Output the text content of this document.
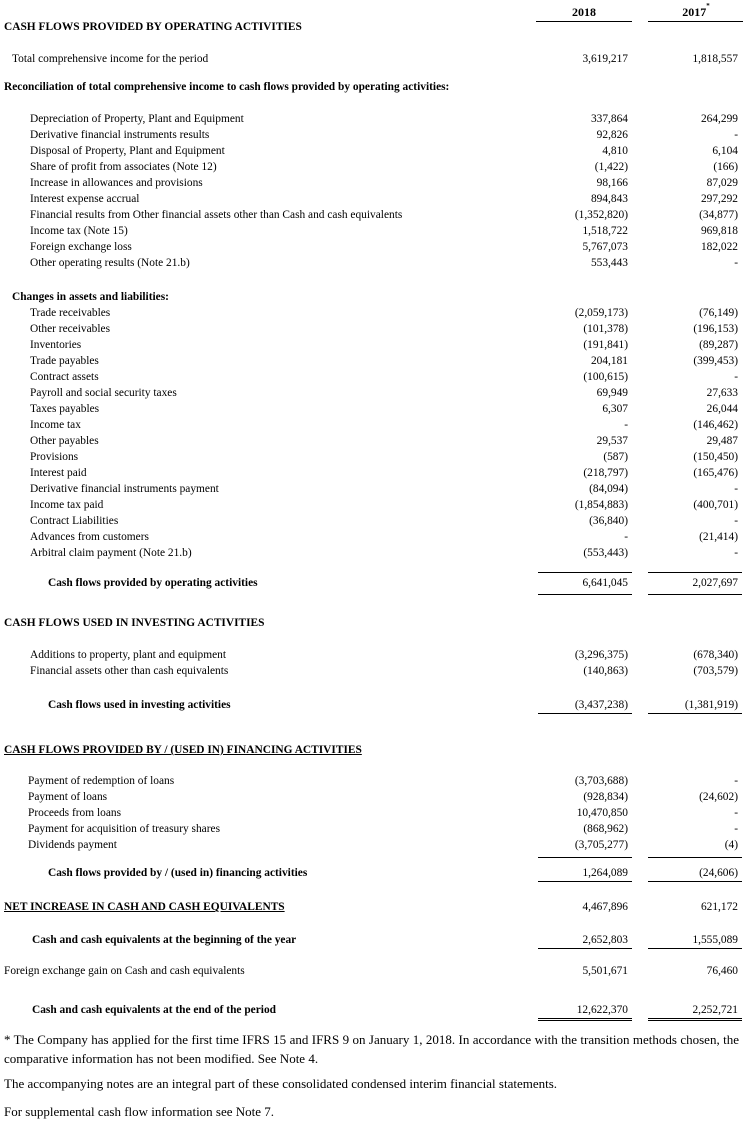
2018	2017*
CASH FLOWS PROVIDED BY OPERATING ACTIVITIES
Total comprehensive income for the period	3,619,217	1,818,557
Reconciliation of total comprehensive income to cash flows provided by operating activities:
Depreciation of Property, Plant and Equipment	337,864	264,299
Derivative financial instruments results	92,826	-
Disposal of Property, Plant and Equipment	4,810	6,104
Share of profit from associates (Note 12)	(1,422)	(166)
Increase in allowances and provisions	98,166	87,029
Interest expense accrual	894,843	297,292
Financial results from Other financial assets other than Cash and cash equivalents	(1,352,820)	(34,877)
Income tax (Note 15)	1,518,722	969,818
Foreign exchange loss	5,767,073	182,022
Other operating results (Note 21.b)	553,443	-
Changes in assets and liabilities:
Trade receivables	(2,059,173)	(76,149)
Other receivables	(101,378)	(196,153)
Inventories	(191,841)	(89,287)
Trade payables	204,181	(399,453)
Contract assets	(100,615)	-
Payroll and social security taxes	69,949	27,633
Taxes payables	6,307	26,044
Income tax	-	(146,462)
Other payables	29,537	29,487
Provisions	(587)	(150,450)
Interest paid	(218,797)	(165,476)
Derivative financial instruments payment	(84,094)	-
Income tax paid	(1,854,883)	(400,701)
Contract Liabilities	(36,840)	-
Advances from customers	-	(21,414)
Arbitral claim payment (Note 21.b)	(553,443)	-
Cash flows provided by operating activities	6,641,045	2,027,697
CASH FLOWS USED IN INVESTING ACTIVITIES
Additions to property, plant and equipment	(3,296,375)	(678,340)
Financial assets other than cash equivalents	(140,863)	(703,579)
Cash flows used in investing activities	(3,437,238)	(1,381,919)
CASH FLOWS PROVIDED BY / (USED IN) FINANCING ACTIVITIES
Payment of redemption of loans	(3,703,688)	-
Payment of loans	(928,834)	(24,602)
Proceeds from loans	10,470,850	-
Payment for acquisition of treasury shares	(868,962)	-
Dividends payment	(3,705,277)	(4)
Cash flows provided by / (used in) financing activities	1,264,089	(24,606)
NET INCREASE IN CASH AND CASH EQUIVALENTS	4,467,896	621,172
Cash and cash equivalents at the beginning of the year	2,652,803	1,555,089
Foreign exchange gain on Cash and cash equivalents	5,501,671	76,460
Cash and cash equivalents at the end of the period	12,622,370	2,252,721
* The Company has applied for the first time IFRS 15 and IFRS 9 on January 1, 2018. In accordance with the transition methods chosen, the comparative information has not been modified. See Note 4.
The accompanying notes are an integral part of these consolidated condensed interim financial statements.
For supplemental cash flow information see Note 7.
